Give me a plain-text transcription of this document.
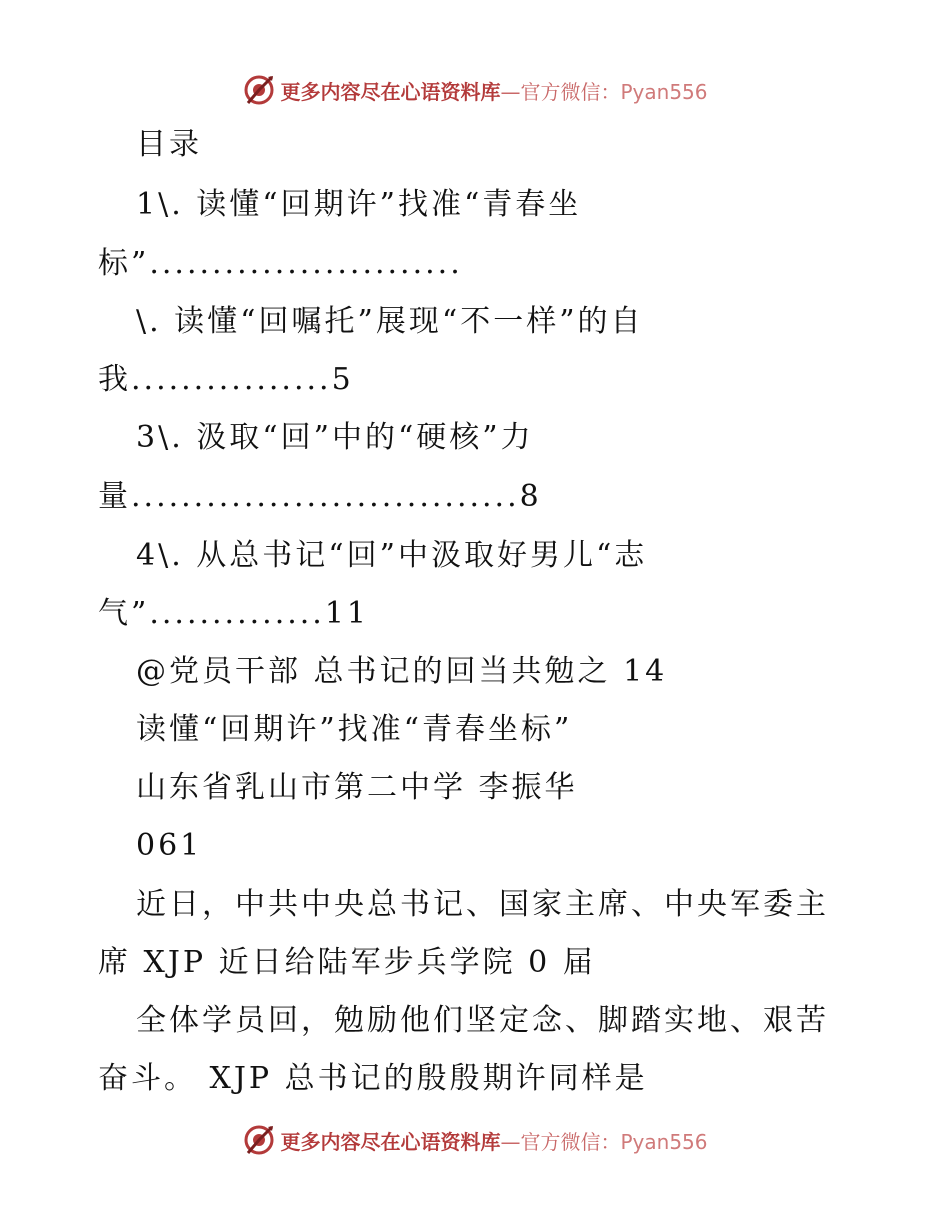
更多内容尽在心语资料库—官方微信：Pyan556
目录
1\. 读懂“回期许”找准“青春坐
标”.........................
\. 读懂“回嘱托”展现“不一样”的自
我................5
3\. 汲取“回”中的“硬核”力
量...............................8
4\. 从总书记“回”中汲取好男儿“志
气”..............11
@党员干部 总书记的回当共勉之 14
读懂“回期许”找准“青春坐标”
山东省乳山市第二中学 李振华
061
近日，中共中央总书记、国家主席、中央军委主
席 XJP 近日给陆军步兵学院 0 届
全体学员回，勉励他们坚定念、脚踏实地、艰苦
奋斗。 XJP 总书记的殷殷期许同样是
更多内容尽在心语资料库—官方微信：Pyan556
